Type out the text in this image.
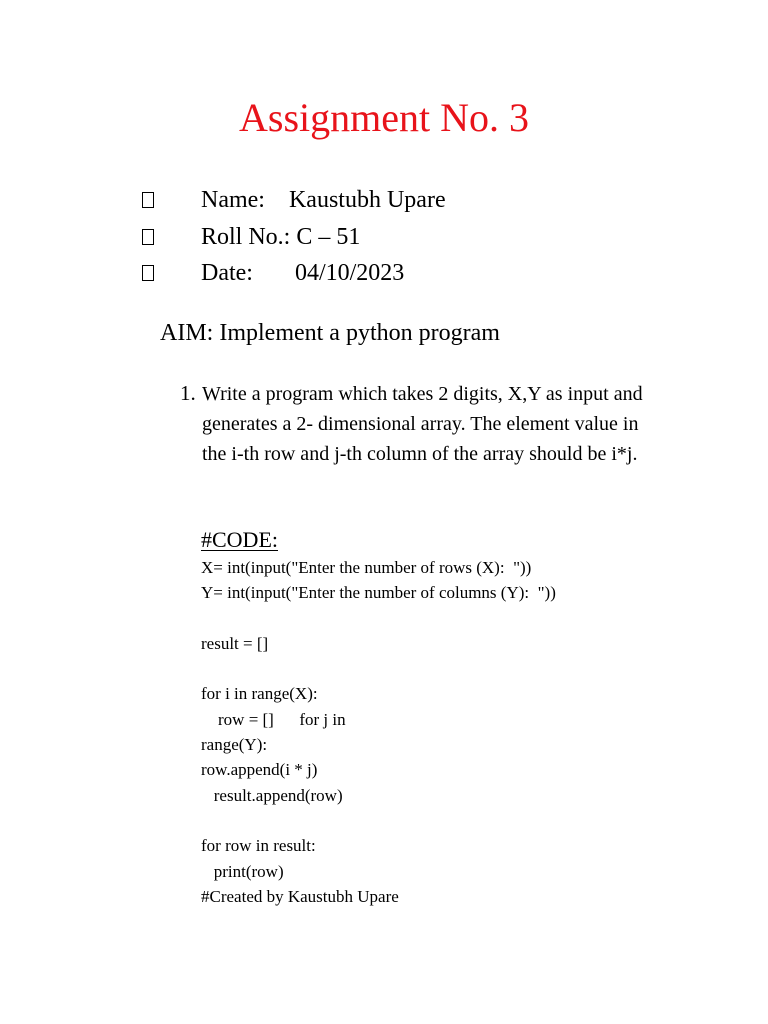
Assignment No. 3

Name:    Kaustubh Upare

Roll No.: C – 51

Date:       04/10/2023

AIM: Implement a python program
1. Write a program which takes 2 digits, X,Y as input and generates a 2- dimensional array. The element value in the i-th row and j-th column of the array should be i*j.

#CODE:
X= int(input("Enter the number of rows (X):  "))
Y= int(input("Enter the number of columns (Y):  "))
result = []
for i in range(X):
row = []      for j in
range(Y):
row.append(i * j)
result.append(row)
for row in result:
print(row)
#Created by Kaustubh Upare
